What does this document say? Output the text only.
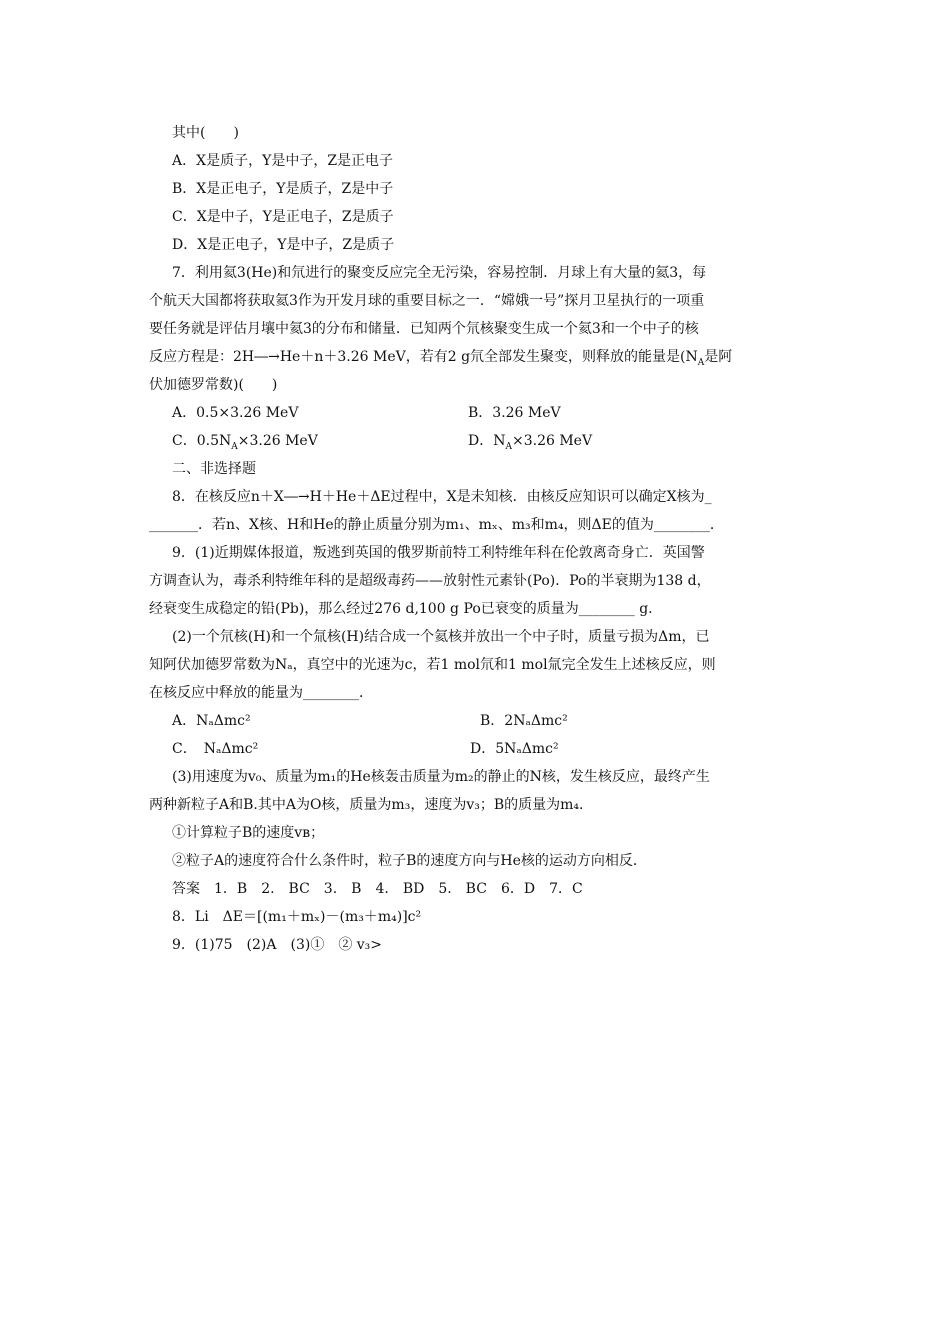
其中(　　)
A．X是质子，Y是中子，Z是正电子
B．X是正电子，Y是质子，Z是中子
C．X是中子，Y是正电子，Z是质子
D．X是正电子，Y是中子，Z是质子
7．利用氦3(He)和氘进行的聚变反应完全无污染，容易控制．月球上有大量的氦3，每
个航天大国都将获取氦3作为开发月球的重要目标之一．“嫦娥一号”探月卫星执行的一项重
要任务就是评估月壤中氦3的分布和储量．已知两个氘核聚变生成一个氦3和一个中子的核
反应方程是：2H―→He＋n＋3.26 MeV，若有2 g氘全部发生聚变，则释放的能量是($N_A$是阿
伏加德罗常数)(　　)
A．0.5×3.26 MeV	B．3.26 MeV
C．$0.5N_A\times 3.26$ MeV	D．$N_A\times 3.26$ MeV
二、非选择题
8．在核反应n＋X―→H＋He＋ΔE过程中，X是未知核．由核反应知识可以确定X核为_
_______．若n、X核、H和He的静止质量分别为m₁、mₓ、m₃和m₄，则ΔE的值为________．
9．(1)近期媒体报道，叛逃到英国的俄罗斯前特工利特维年科在伦敦离奇身亡．英国警
方调查认为，毒杀利特维年科的是超级毒药——放射性元素钋(Po)．Po的半衰期为138 d，
经衰变生成稳定的铅(Pb)，那么经过276 d,100 g Po已衰变的质量为________ g.
(2)一个氘核(H)和一个氚核(H)结合成一个氦核并放出一个中子时，质量亏损为Δm，已
知阿伏加德罗常数为Nₐ，真空中的光速为c，若1 mol氘和1 mol氚完全发生上述核反应，则
在核反应中释放的能量为________．
A．NₐΔmc²	B．2NₐΔmc²
C．　NₐΔmc²	D．5NₐΔmc²
(3)用速度为v₀、质量为m₁的He核轰击质量为m₂的静止的N核，发生核反应，最终产生
两种新粒子A和B.其中A为O核，质量为m₃，速度为v₃；B的质量为m₄.
①计算粒子B的速度vʙ；
②粒子A的速度符合什么条件时，粒子B的速度方向与He核的运动方向相反．
答案　1．B　2.　BC　3.　B　4.　BD　5.　BC　6．D　7．C
8．Li　ΔE＝[(m₁＋mₓ)－(m₃＋m₄)]c²
9．(1)75　(2)A　(3)①　② v₃>
